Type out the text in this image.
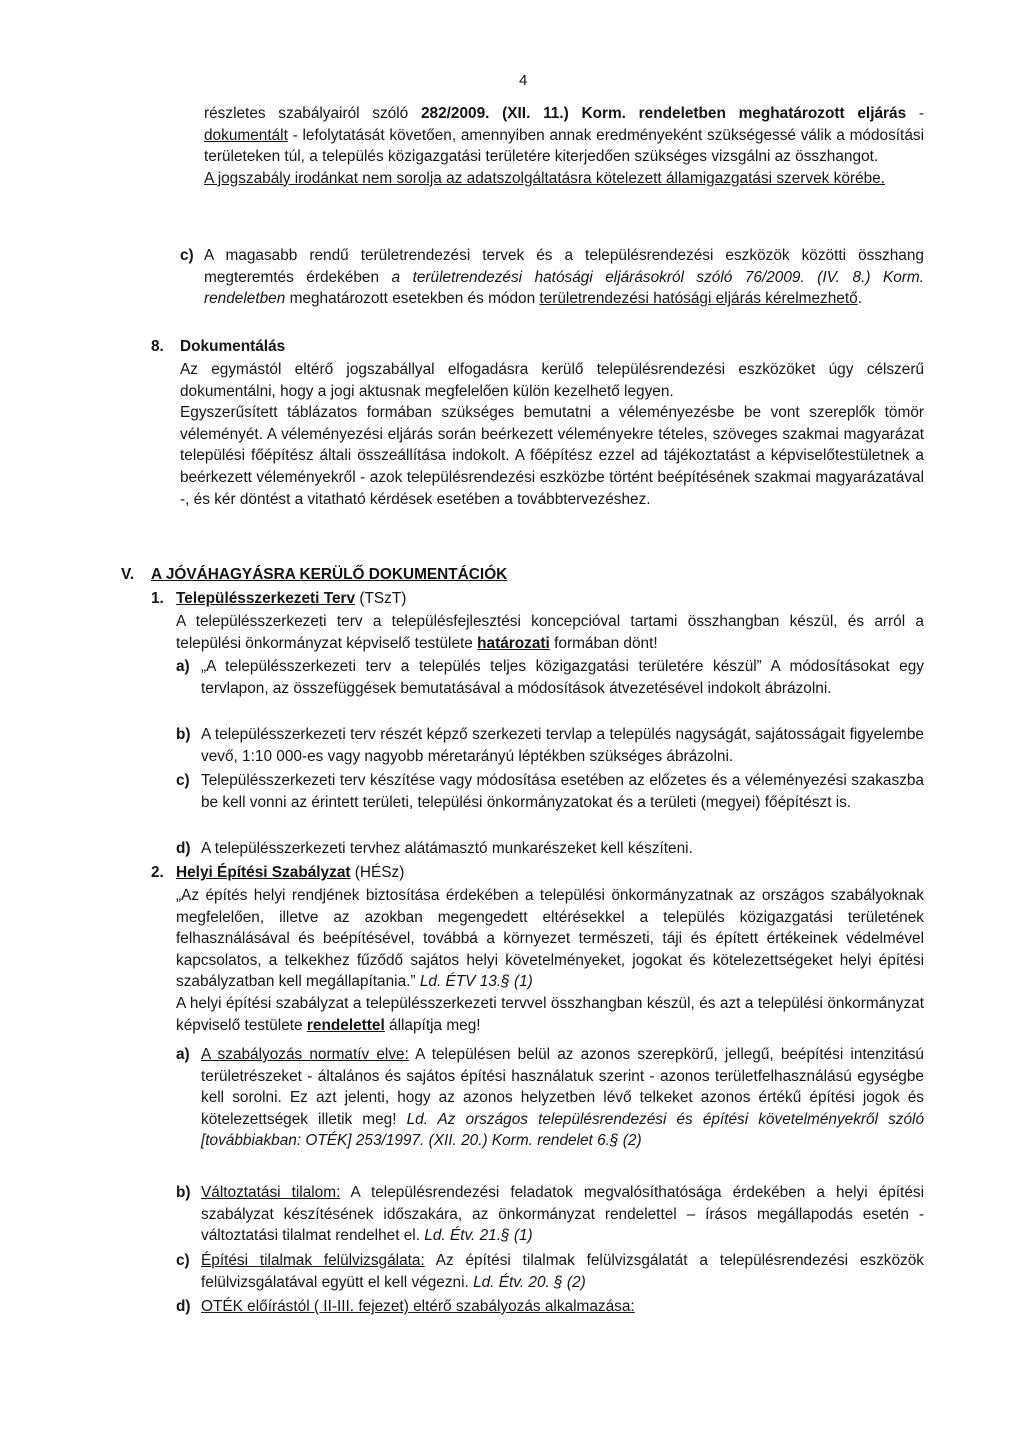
4

részletes szabályairól szóló 282/2009. (XII. 11.) Korm. rendeletben meghatározott eljárás - dokumentált - lefolytatását követően, amennyiben annak eredményeként szükségessé válik a módosítási területeken túl, a település közigazgatási területére kiterjedően szükséges vizsgálni az összhangot.

A jogszabály irodánkat nem sorolja az adatszolgáltatásra kötelezett államigazgatási szervek körébe.

c) A magasabb rendű területrendezési tervek és a településrendezési eszközök közötti összhang megteremtés érdekében a területrendezési hatósági eljárásokról szóló 76/2009. (IV. 8.) Korm. rendeletben meghatározott esetekben és módon területrendezési hatósági eljárás kérelmezhető.

8. Dokumentálás

Az egymástól eltérő jogszabállyal elfogadásra kerülő településrendezési eszközöket úgy célszerű dokumentálni, hogy a jogi aktusnak megfelelően külön kezelhető legyen.

Egyszerűsített táblázatos formában szükséges bemutatni a véleményezésbe be vont szereplők tömör véleményét. A véleményezési eljárás során beérkezett véleményekre tételes, szöveges szakmai magyarázat települési főépítész általi összeállítása indokolt. A főépítész ezzel ad tájékoztatást a képviselőtestületnek a beérkezett véleményekről - azok településrendezési eszközbe történt beépítésének szakmai magyarázatával -, és kér döntést a vitatható kérdések esetében a továbbtervezéshez.

V. A JÓVÁHAGYÁSRA KERÜLŐ DOKUMENTÁCIÓK
1. Településszerkezeti Terv (TSzT)

A településszerkezeti terv a településfejlesztési koncepcióval tartami összhangban készül, és arról a települési önkormányzat képviselő testülete határozati formában dönt!

a) „A településszerkezeti terv a település teljes közigazgatási területére készül” A módosításokat egy tervlapon, az összefüggések bemutatásával a módosítások átvezetésével indokolt ábrázolni.

b) A településszerkezeti terv részét képző szerkezeti tervlap a település nagyságát, sajátosságait figyelembe vevő, 1:10 000-es vagy nagyobb méretarányú léptékben szükséges ábrázolni.

c) Településszerkezeti terv készítése vagy módosítása esetében az előzetes és a véleményezési szakaszba be kell vonni az érintett területi, települési önkormányzatokat és a területi (megyei) főépítészt is.

d) A településszerkezeti tervhez alátámasztó munkarészeket kell készíteni.

2. Helyi Építési Szabályzat (HÉSz)

„Az építés helyi rendjének biztosítása érdekében a települési önkormányzatnak az országos szabályoknak megfelelően, illetve az azokban megengedett eltérésekkel a település közigazgatási területének felhasználásával és beépítésével, továbbá a környezet természeti, táji és épített értékeinek védelmével kapcsolatos, a telkekhez fűződő sajátos helyi követelményeket, jogokat és kötelezettségeket helyi építési szabályzatban kell megállapítania.” Ld. ÉTV 13.§ (1)

A helyi építési szabályzat a településszerkezeti tervvel összhangban készül, és azt a települési önkormányzat képviselő testülete rendelettel állapítja meg!

a) A szabályozás normatív elve: A településen belül az azonos szerepkörű, jellegű, beépítési intenzitású területrészeket - általános és sajátos építési használatuk szerint - azonos területfelhasználású egységbe kell sorolni. Ez azt jelenti, hogy az azonos helyzetben lévő telkeket azonos értékű építési jogok és kötelezettségek illetik meg! Ld. Az országos településrendezési és építési követelményekről szóló [továbbiakban: OTÉK] 253/1997. (XII. 20.) Korm. rendelet 6.§ (2)

b) Változtatási tilalom: A településrendezési feladatok megvalósíthatósága érdekében a helyi építési szabályzat készítésének időszakára, az önkormányzat rendelettel – írásos megállapodás esetén - változtatási tilalmat rendelhet el. Ld. Étv. 21.§ (1)

c) Építési tilalmak felülvizsgálata: Az építési tilalmak felülvizsgálatát a településrendezési eszközök felülvizsgálatával együtt el kell végezni. Ld. Étv. 20. § (2)

d) OTÉK előírástól ( II-III. fejezet) eltérő szabályozás alkalmazása:
